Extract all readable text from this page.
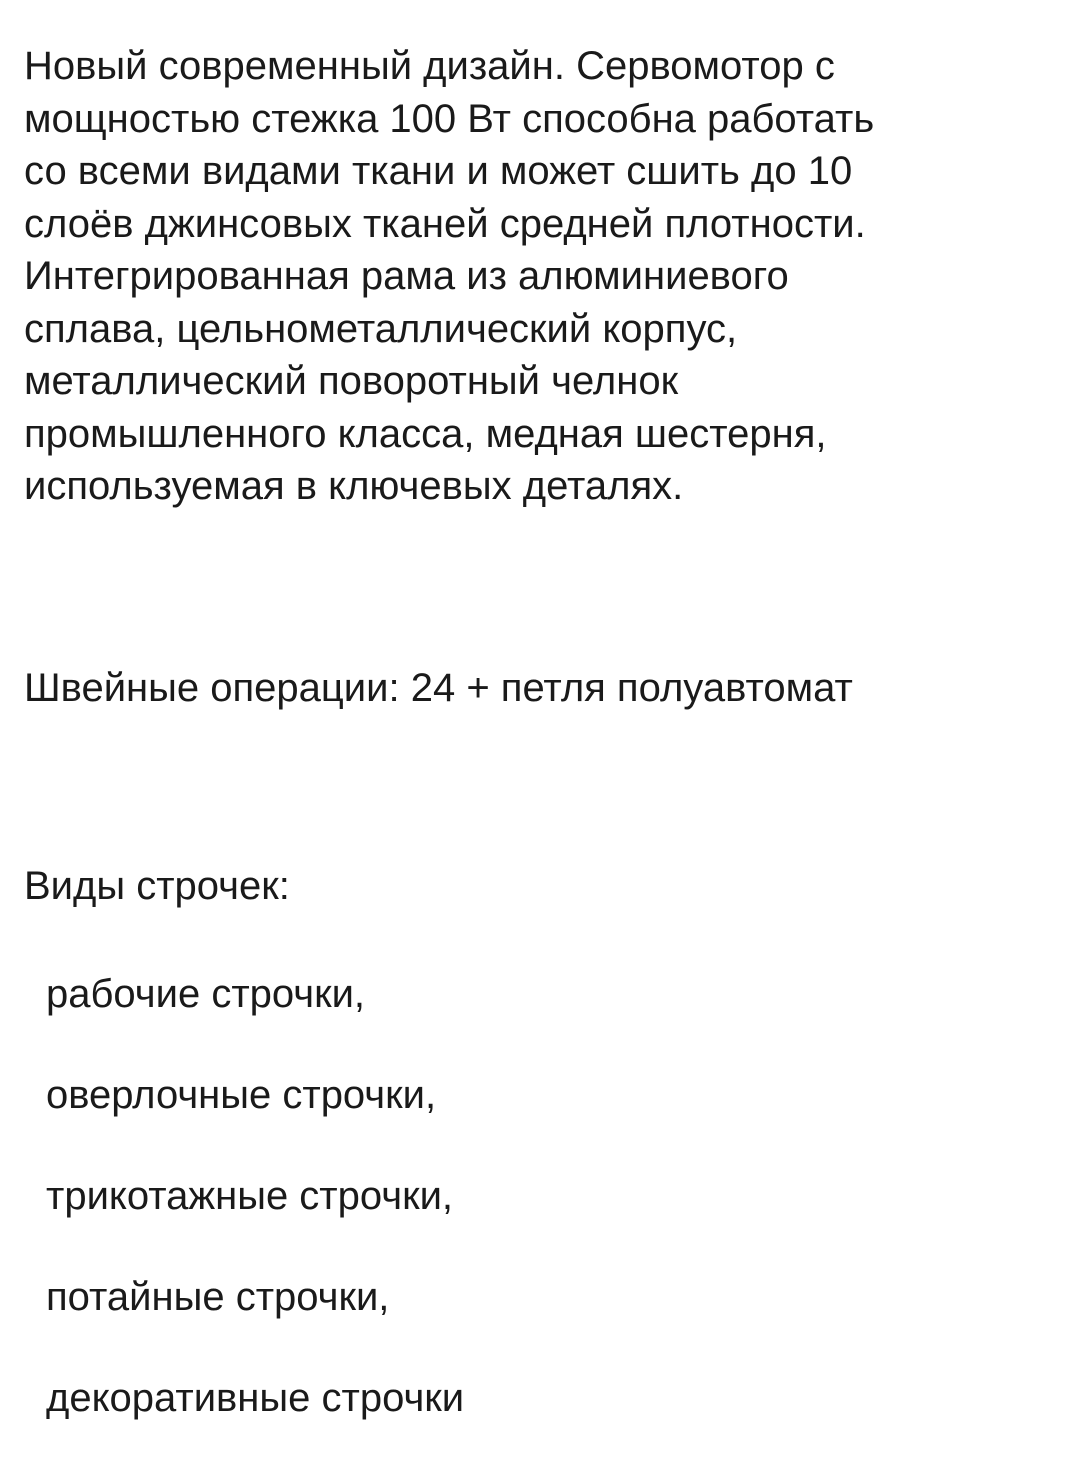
Новый современный дизайн. Сервомотор с
мощностью стежка 100 Вт способна работать
со всеми видами ткани и может сшить до 10
слоёв джинсовых тканей средней плотности.
Интегрированная рама из алюминиевого
сплава, цельнометаллический корпус,
металлический поворотный челнок
промышленного класса, медная шестерня,
используемая в ключевых деталях.

Швейные операции: 24 + петля полуавтомат

Виды строчек:

рабочие строчки,
оверлочные строчки,
трикотажные строчки,
потайные строчки,
декоративные строчки
